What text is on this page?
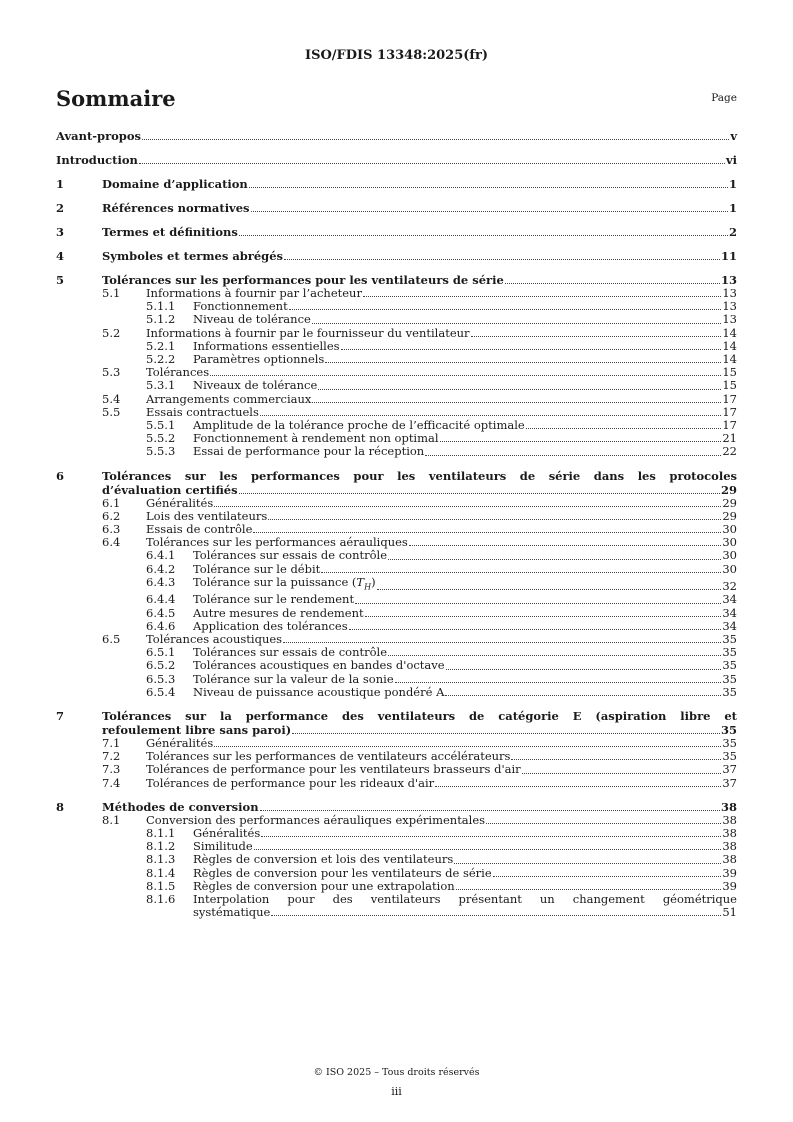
ISO/FDIS 13348:2025(fr)
Sommaire	Page
Avant-propos	v
Introduction	vi
1	Domaine d’application	1
2	Références normatives	1
3	Termes et définitions	2
4	Symboles et termes abrégés	11
5	Tolérances sur les performances pour les ventilateurs de série	13
5.1	Informations à fournir par l’acheteur	13
5.1.1	Fonctionnement	13
5.1.2	Niveau de tolérance	13
5.2	Informations à fournir par le fournisseur du ventilateur	14
5.2.1	Informations essentielles	14
5.2.2	Paramètres optionnels	14
5.3	Tolérances	15
5.3.1	Niveaux de tolérance	15
5.4	Arrangements commerciaux	17
5.5	Essais contractuels	17
5.5.1	Amplitude de la tolérance proche de l’efficacité optimale	17
5.5.2	Fonctionnement à rendement non optimal	21
5.5.3	Essai de performance pour la réception	22
6	Tolérances sur les performances pour les ventilateurs de série dans les protocoles
d’évaluation certifiés	29
6.1	Généralités	29
6.2	Lois des ventilateurs	29
6.3	Essais de contrôle	30
6.4	Tolérances sur les performances aérauliques	30
6.4.1	Tolérances sur essais de contrôle	30
6.4.2	Tolérance sur le débit	30
6.4.3	Tolérance sur la puissance $(T_H)$	32
6.4.4	Tolérance sur le rendement	34
6.4.5	Autre mesures de rendement	34
6.4.6	Application des tolérances	34
6.5	Tolérances acoustiques	35
6.5.1	Tolérances sur essais de contrôle	35
6.5.2	Tolérances acoustiques en bandes d'octave	35
6.5.3	Tolérance sur la valeur de la sonie	35
6.5.4	Niveau de puissance acoustique pondéré A	35
7	Tolérances sur la performance des ventilateurs de catégorie E (aspiration libre et
refoulement libre sans paroi)	35
7.1	Généralités	35
7.2	Tolérances sur les performances de ventilateurs accélérateurs	35
7.3	Tolérances de performance pour les ventilateurs brasseurs d'air	37
7.4	Tolérances de performance pour les rideaux d'air	37
8	Méthodes de conversion	38
8.1	Conversion des performances aérauliques expérimentales	38
8.1.1	Généralités	38
8.1.2	Similitude	38
8.1.3	Règles de conversion et lois des ventilateurs	38
8.1.4	Règles de conversion pour les ventilateurs de série	39
8.1.5	Règles de conversion pour une extrapolation	39
8.1.6	Interpolation pour des ventilateurs présentant un changement géométrique
systématique	51
© ISO 2025 – Tous droits réservés
iii
